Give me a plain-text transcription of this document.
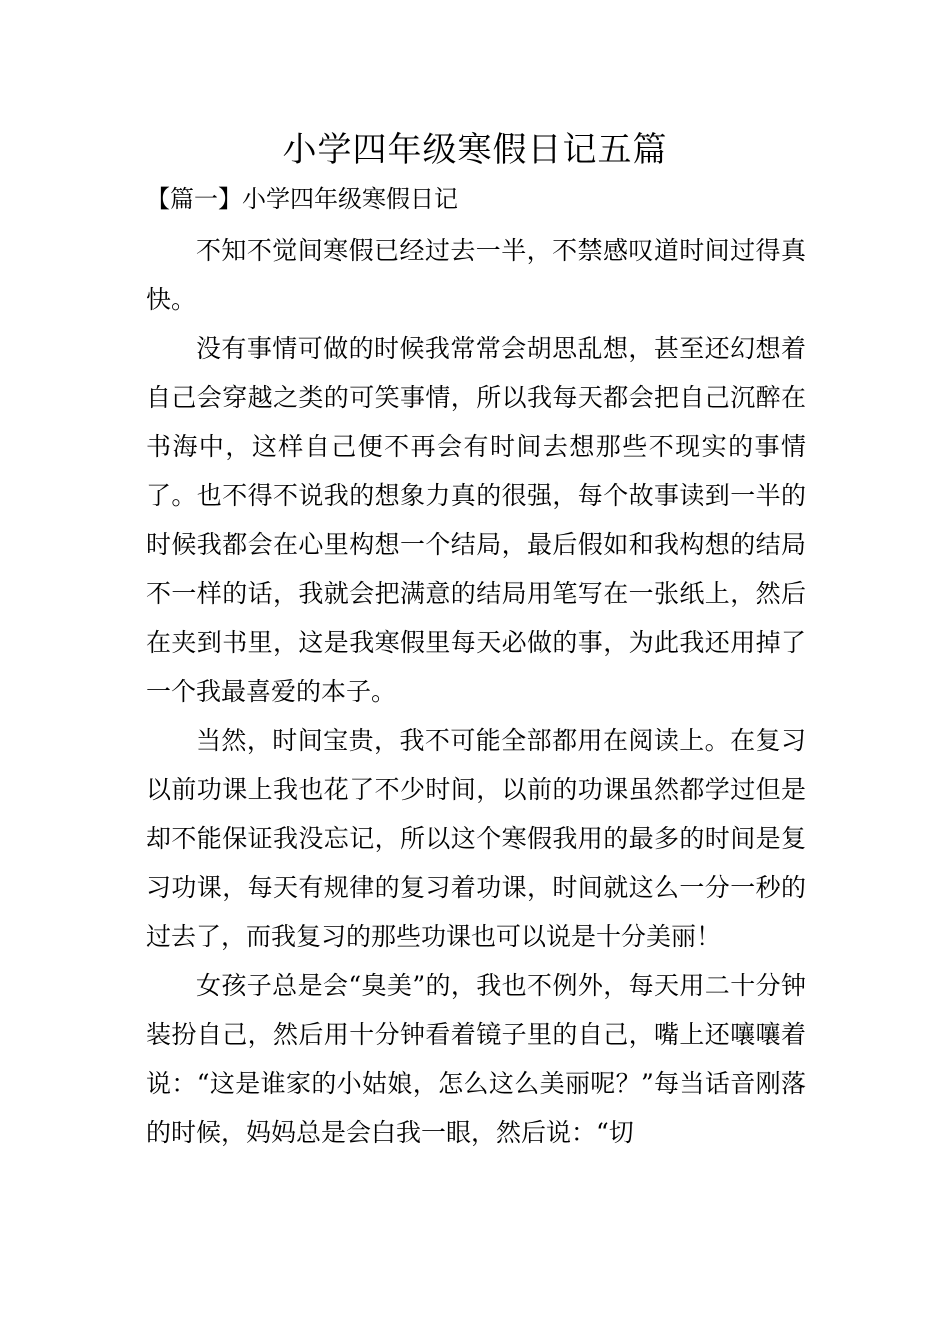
小学四年级寒假日记五篇
【篇一】小学四年级寒假日记

不知不觉间寒假已经过去一半，不禁感叹道时间过得真快。

没有事情可做的时候我常常会胡思乱想，甚至还幻想着自己会穿越之类的可笑事情，所以我每天都会把自己沉醉在书海中，这样自己便不再会有时间去想那些不现实的事情了。也不得不说我的想象力真的很强，每个故事读到一半的时候我都会在心里构想一个结局，最后假如和我构想的结局不一样的话，我就会把满意的结局用笔写在一张纸上，然后在夹到书里，这是我寒假里每天必做的事，为此我还用掉了一个我最喜爱的本子。

当然，时间宝贵，我不可能全部都用在阅读上。在复习以前功课上我也花了不少时间，以前的功课虽然都学过但是却不能保证我没忘记，所以这个寒假我用的最多的时间是复习功课，每天有规律的复习着功课，时间就这么一分一秒的过去了，而我复习的那些功课也可以说是十分美丽！

女孩子总是会“臭美”的，我也不例外，每天用二十分钟装扮自己，然后用十分钟看着镜子里的自己，嘴上还嚷嚷着说：“这是谁家的小姑娘，怎么这么美丽呢？”每当话音刚落的时候，妈妈总是会白我一眼，然后说：“切
